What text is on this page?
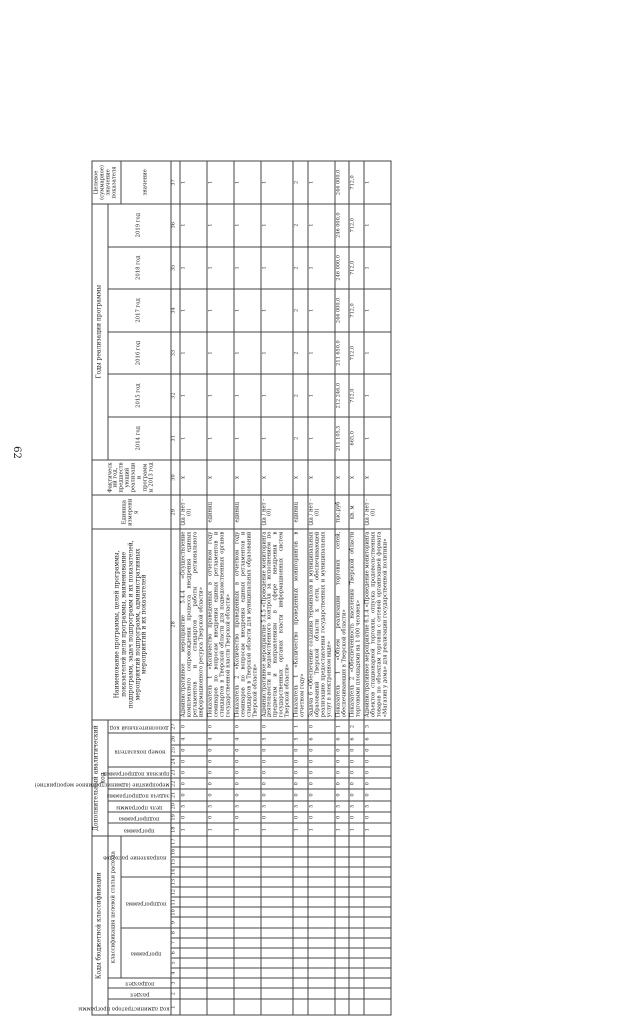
62
Коды бюджетной классификации																	Дополнительный аналитический код										Наименование программы, целей программы, показателей цели программы, наименование подпрограмм, задач подпрограмм и их показателей, мероприятий подпрограмм, административных мероприятий и их показателей	Единица измерения	Фактический год, предшествующий реализации программы 2013 год	Годы реализации программы						Целевое (суммарное) значение показателя

код администратора программы	раздел	подраздел	классификация целевой статьи расхода														программа	подпрограмма	цель программы	задача подпрограммы	мероприятие (административное мероприятие)	признак подпрограммы	номер показателя			дополнительный код				2014 год	2015 год	2016 год	2017 год	2018 год	2019 год	

			программа					подпрограмма					направление расходов																							значение
1	2	3	4	5	6	7	8	9	10	11	12	13	14	15	16	17	18	19	20	21	22	23	24	25	26	27	28	29	30	31	32	33	34	35	36	37
																	1	0	5	0	0	0	0	0	4	0	Административное мероприятие 5.4.4 «Осуществление комплексного сопровождения процесса внедрения единых регламентов и стандартов работы регионального информационного ресурса Тверской области»	(да / нет - (0)	х	1	1	1	1	1	1	1
																	1	0	5	0	0	0	0	0	4	0	Показатель 1 «Количество проведенных в отчетном году семинаров по вопросам внедрения единых регламентов и стандартов в Тверской области для подведомственных органов государственной власти Тверской области»	единиц	х	1	1	1	1	1	1	1
																	1	0	5	0	0	0	0	0	4	0	Показатель 2 «Количество проведенных в отчетном году семинаров по вопросам внедрения единых регламентов и стандартов в Тверской области для муниципальных образований Тверской области»	единиц	х	1	1	1	1	1	1	1
																	1	0	5	0	0	0	0	0	5	0	Административное мероприятие 5.4.5 «Проведение мониторинга деятельности и ведомственного контроля за исполнением по предметам и направлениям в сфере внедрения в государственных органах власти информационных систем Тверской области»	(да / нет - (0)	х	1	1	1	1	1	1	1
																	1	0	5	0	0	0	0	0	5	1	Показатель 1 «Количество проведенных мониторингов в отчетном году»	единиц	х	2	2	2	2	2	2	2
																	1	0	5	0	0	0	0	0	6	0	Задача 6 «Обеспечение создания терминалов и муниципальных образований Тверской области к сети, обеспечивающей реализацию предоставления государственных и муниципальных услуг в электронном виде»	(да / нет - (0)	х	1	1	1	1	1	1	1
																	1	0	5	0	0	0	0	0	6	1	Показатель 1 «Объем реализации торговых сетей, обеспечивающих в Тверской области»	тыс.руб	х	211 105,5	212 246,0	211 650,0	246 000,0	246 000,0	246 000,0	246 000,0
																	1	0	5	0	0	0	0	0	6	2	Показатель 2 «Обеспеченность населения Тверской области торговыми площадями на 1 000 человек»	кв. м	х	665,0	712,0	712,0	712,0	712,0	712,0	712,0
																	1	0	5	0	0	0	0	0	6	3	Административное мероприятие 6.1.4 «Проведение мониторинга объектов стационарной торговли, отпуска продовольственных товаров по объектам торговли с сетевой организацией формата «Магазин у дома» для реализации государственной политики»	(да / нет - (0)	х	1	1	1	1	1	1	1
